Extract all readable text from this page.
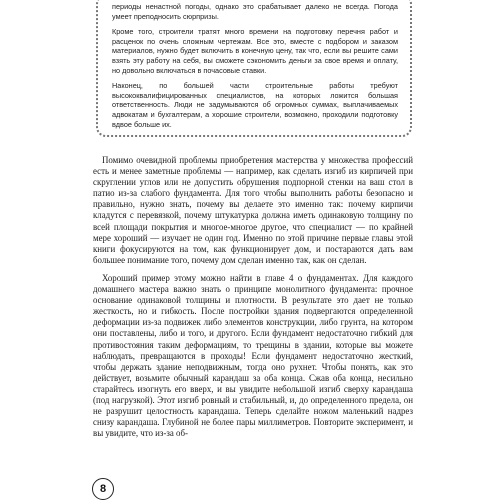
периоды ненастной погоды, однако это срабатывает далеко не всегда. Погода умеет преподносить сюрпризы.

Кроме того, строители тратят много времени на подготовку перечня работ и расценок по очень сложным чертежам. Все это, вместе с подбором и заказом материалов, нужно будет включить в конечную цену, так что, если вы решите сами взять эту работу на себя, вы сможете сэкономить деньги за свое время и оплату, но довольно включаться в почасовые ставки.

Наконец, по большей части строительные работы требуют высококвалифицированных специалистов, на которых ложится большая ответственность. Люди не задумываются об огромных суммах, выплачиваемых адвокатам и бухгалтерам, а хорошие строители, возможно, проходили подготовку вдвое больше их.

Помимо очевидной проблемы приобретения мастерства у множества профессий есть и менее заметные проблемы — например, как сделать изгиб из кирпичей при скруглении углов или не допустить обрушения подпорной стенки на ваш стол в патио из-за слабого фундамента. Для того чтобы выполнить работы безопасно и правильно, нужно знать, почему вы делаете это именно так: почему кирпичи кладутся с перевязкой, почему штукатурка должна иметь одинаковую толщину по всей площади покрытия и многое-многое другое, что специалист — по крайней мере хороший — изучает не один год. Именно по этой причине первые главы этой книги фокусируются на том, как функционирует дом, и постараются дать вам большее понимание того, почему дом сделан именно так, как он сделан.

Хороший пример этому можно найти в главе 4 о фундаментах. Для каждого домашнего мастера важно знать о принципе монолитного фундамента: прочное основание одинаковой толщины и плотности. В результате это дает не только жесткость, но и гибкость. После постройки здания подвергаются определенной деформации из-за подвижек либо элементов конструкции, либо грунта, на котором они поставлены, либо и того, и другого. Если фундамент недостаточно гибкий для противостояния таким деформациям, то трещины в здании, которые вы можете наблюдать, превращаются в проходы! Если фундамент недостаточно жесткий, чтобы держать здание неподвижным, тогда оно рухнет. Чтобы понять, как это действует, возьмите обычный карандаш за оба конца. Сжав оба конца, несильно старайтесь изогнуть его вверх, и вы увидите небольшой изгиб сверху карандаша (под нагрузкой). Этот изгиб ровный и стабильный, и, до определенного предела, он не разрушит целостность карандаша. Теперь сделайте ножом маленький надрез снизу карандаша. Глубиной не более пары миллиметров. Повторите эксперимент, и вы увидите, что из-за об-

8
